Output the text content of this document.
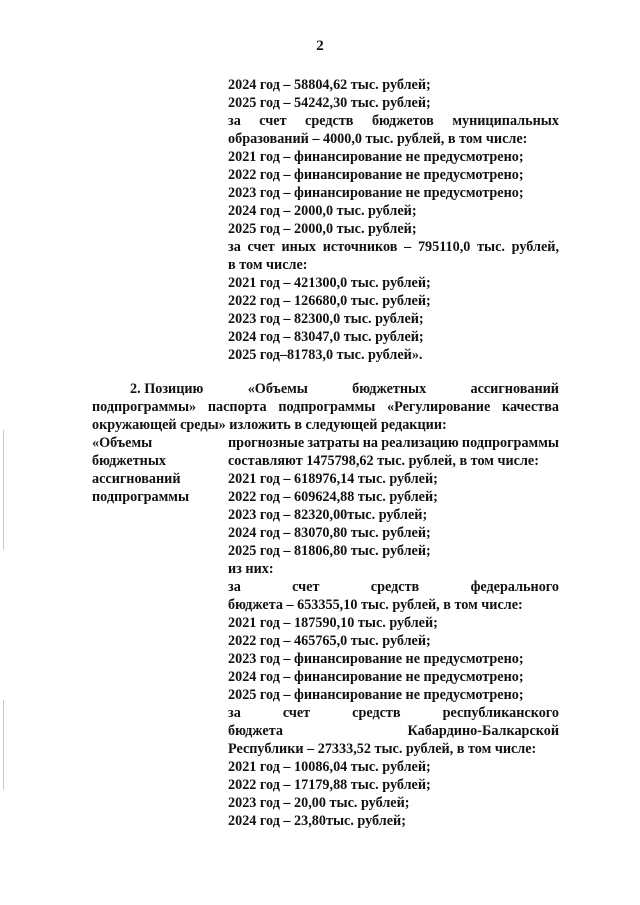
2
2024 год – 58804,62 тыс. рублей;
2025 год – 54242,30 тыс. рублей;
за счет средств бюджетов муниципальных
образований – 4000,0 тыс. рублей, в том числе:
2021 год – финансирование не предусмотрено;
2022 год – финансирование не предусмотрено;
2023 год – финансирование не предусмотрено;
2024 год – 2000,0 тыс. рублей;
2025 год – 2000,0 тыс. рублей;
за счет иных источников – 795110,0 тыс. рублей,
в том числе:
2021 год – 421300,0 тыс. рублей;
2022 год – 126680,0 тыс. рублей;
2023 год – 82300,0 тыс. рублей;
2024 год – 83047,0 тыс. рублей;
2025 год–81783,0 тыс. рублей».
2. Позицию	«Объемы	бюджетных	ассигнований
подпрограммы» паспорта подпрограммы «Регулирование качества
окружающей среды» изложить в следующей редакции:
«Объемы
бюджетных
ассигнований
подпрограммы
прогнозные затраты на реализацию подпрограммы
составляют 1475798,62 тыс. рублей, в том числе:
2021 год – 618976,14 тыс. рублей;
2022 год – 609624,88 тыс. рублей;
2023 год – 82320,00тыс. рублей;
2024 год – 83070,80 тыс. рублей;
2025 год – 81806,80 тыс. рублей;
из них:
за	счет	средств	федерального
бюджета – 653355,10 тыс. рублей, в том числе:
2021 год – 187590,10 тыс. рублей;
2022 год – 465765,0 тыс. рублей;
2023 год – финансирование не предусмотрено;
2024 год – финансирование не предусмотрено;
2025 год – финансирование не предусмотрено;
за	счет	средств	республиканского
бюджета	Кабардино-Балкарской
Республики – 27333,52 тыс. рублей, в том числе:
2021 год – 10086,04 тыс. рублей;
2022 год – 17179,88 тыс. рублей;
2023 год – 20,00 тыс. рублей;
2024 год – 23,80тыс. рублей;
